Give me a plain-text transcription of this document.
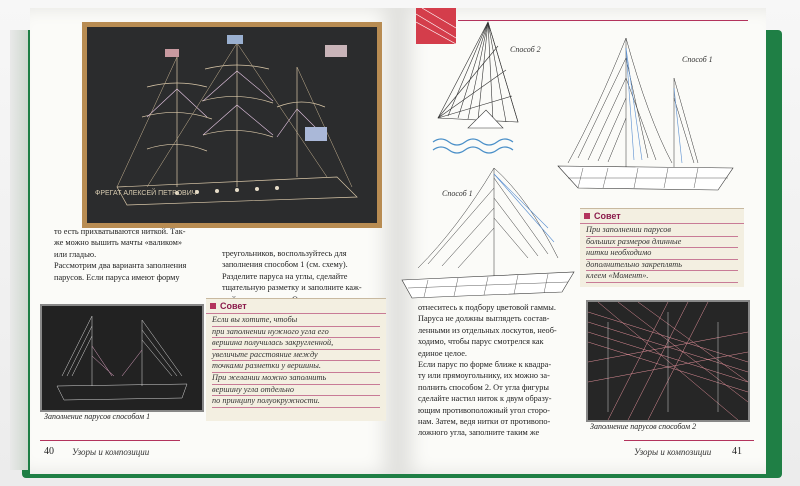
ФРЕГАТ АЛЕКСЕЙ ПЕТРОВИЧ

то есть прихватываются ниткой. Так-

же можно вышить мачты «валиком»

или гладью.

Рассмотрим два варианта заполнения

парусов. Если паруса имеют форму

треугольников, воспользуйтесь для

заполнения способом 1 (см. схему).

Разделите паруса на углы, сделайте

тщательную разметку и заполните каж-

Заполнение парусов способом 1
Совет
Если вы хотите, чтобы
при заполнении нужного угла его
вершина получилась закругленной,
увеличьте расстояние между
точками разметки у вершины.
При желании можно заполнить
вершину угла отдельно
по принципу полуокружности.
40 Узоры и композиции
Способ 2
Способ 1
Способ 1
Совет
При заполнении парусов
больших размеров длинные
нитки необходимо
дополнительно закреплять
клеем «Момент».

отнеситесь к подбору цветовой гаммы.

Паруса не должны выглядеть состав-

ленными из отдельных лоскутов, необ-

ходимо, чтобы парус смотрелся как

единое целое.

Если парус по форме ближе к квадра-

ту или прямоугольнику, их можно за-

полнить способом 2. От угла фигуры

сделайте настил ниток к двум образу-

ющим противоположный угол сторо-

нам. Затем, ведя нитки от противопо-

ложного угла, заполните таким же

Заполнение парусов способом 2
Узоры и композиции 41
